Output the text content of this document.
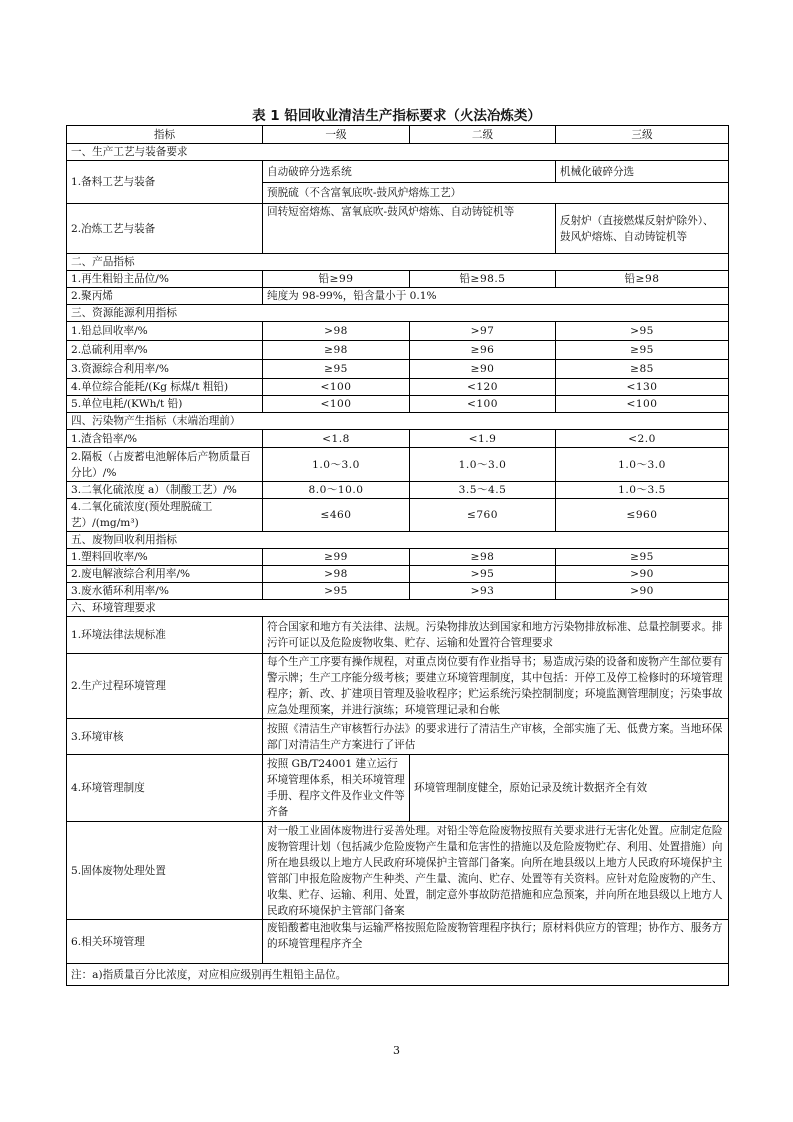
表 1 铅回收业清洁生产指标要求（火法冶炼类）
指标	一级	二级	三级
一、生产工艺与装备要求			
1.备料工艺与装备	自动破碎分选系统		机械化破碎分选
	预脱硫（不含富氧底吹-鼓风炉熔炼工艺）		
2.冶炼工艺与装备	回转短窑熔炼、富氧底吹-鼓风炉熔炼、自动铸锭机等		反射炉（直接燃煤反射炉除外）、鼓风炉熔炼、自动铸锭机等
二、产品指标			
1.再生粗铅主品位/%	铅≥99	铅≥98.5	铅≥98
2.聚丙烯	纯度为 98-99%，铅含量小于 0.1%		
三、资源能源利用指标			
1.铅总回收率/%	>98	>97	>95
2.总硫利用率/%	≥98	≥96	≥95
3.资源综合利用率/%	≥95	≥90	≥85
4.单位综合能耗/(Kg 标煤/t 粗铅)	<100	<120	<130
5.单位电耗/(KWh/t 铅)	<100	<100	<100
四、污染物产生指标（末端治理前）			
1.渣含铅率/%	<1.8	<1.9	<2.0
2.隔板（占废蓄电池解体后产物质量百分比）/%	1.0～3.0	1.0～3.0	1.0～3.0
3.二氧化硫浓度 a）（制酸工艺）/%	8.0～10.0	3.5～4.5	1.0～3.5
4.二氧化硫浓度(预处理脱硫工艺）/(mg/m³)	≤460	≤760	≤960
五、废物回收利用指标			
1.塑料回收率/%	≥99	≥98	≥95
2.废电解液综合利用率/%	>98	>95	>90
3.废水循环利用率/%	>95	>93	>90
六、环境管理要求			
1.环境法律法规标准	符合国家和地方有关法律、法规。污染物排放达到国家和地方污染物排放标准、总量控制要求。排污许可证以及危险废物收集、贮存、运输和处置符合管理要求		
2.生产过程环境管理	每个生产工序要有操作规程，对重点岗位要有作业指导书；易造成污染的设备和废物产生部位要有警示牌；生产工序能分级考核；要建立环境管理制度，其中包括：开停工及停工检修时的环境管理程序；新、改、扩建项目管理及验收程序；贮运系统污染控制制度；环境监测管理制度；污染事故应急处理预案，并进行演练；环境管理记录和台帐		
3.环境审核	按照《清洁生产审核暂行办法》的要求进行了清洁生产审核，全部实施了无、低费方案。当地环保部门对清洁生产方案进行了评估		
4.环境管理制度	按照 GB/T24001 建立运行环境管理体系，相关环境管理手册、程序文件及作业文件等齐备	环境管理制度健全，原始记录及统计数据齐全有效	
5.固体废物处理处置	对一般工业固体废物进行妥善处理。对铅尘等危险废物按照有关要求进行无害化处置。应制定危险废物管理计划（包括减少危险废物产生量和危害性的措施以及危险废物贮存、利用、处置措施）向所在地县级以上地方人民政府环境保护主管部门备案。向所在地县级以上地方人民政府环境保护主管部门申报危险废物产生种类、产生量、流向、贮存、处置等有关资料。应针对危险废物的产生、收集、贮存、运输、利用、处置，制定意外事故防范措施和应急预案，并向所在地县级以上地方人民政府环境保护主管部门备案		
6.相关环境管理	废铅酸蓄电池收集与运输严格按照危险废物管理程序执行；原材料供应方的管理；协作方、服务方的环境管理程序齐全		
注：a)指质量百分比浓度，对应相应级别再生粗铅主品位。			
3
